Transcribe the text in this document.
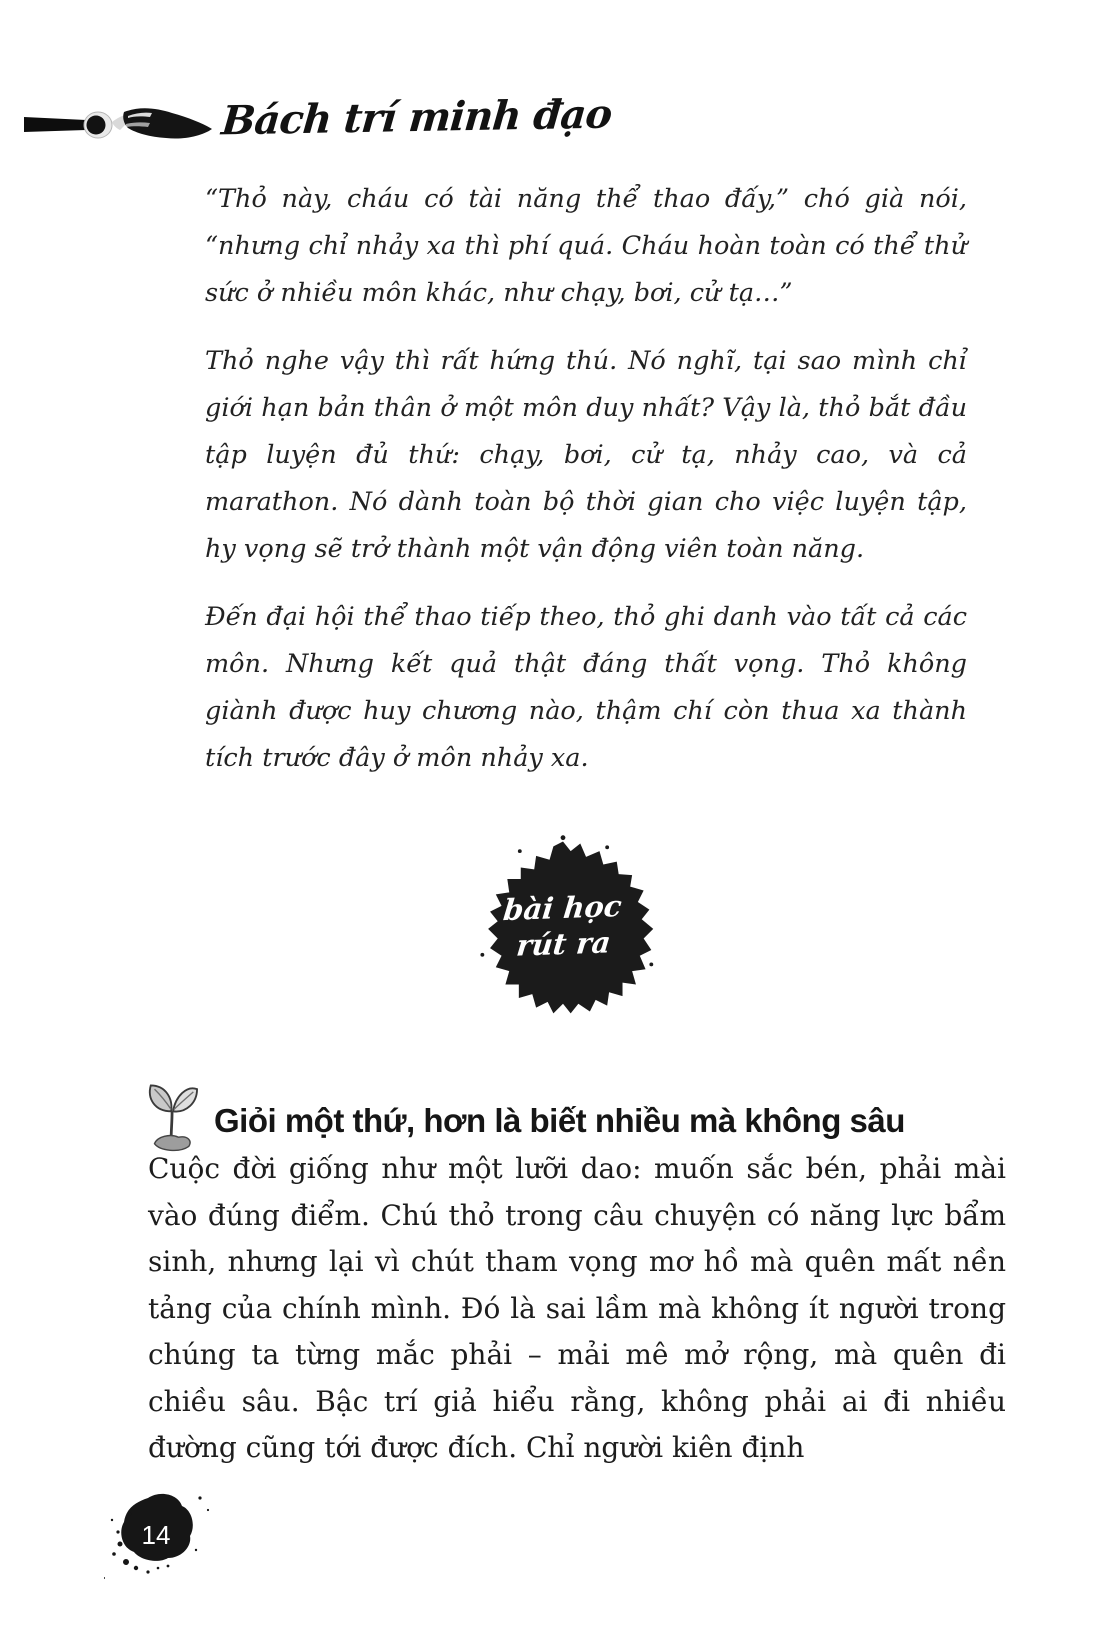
Bách trí minh đạo

“Thỏ này, cháu có tài năng thể thao đấy,” chó già nói, “nhưng chỉ nhảy xa thì phí quá. Cháu hoàn toàn có thể thử sức ở nhiều môn khác, như chạy, bơi, cử tạ…”

Thỏ nghe vậy thì rất hứng thú. Nó nghĩ, tại sao mình chỉ giới hạn bản thân ở một môn duy nhất? Vậy là, thỏ bắt đầu tập luyện đủ thứ: chạy, bơi, cử tạ, nhảy cao, và cả marathon. Nó dành toàn bộ thời gian cho việc luyện tập, hy vọng sẽ trở thành một vận động viên toàn năng.

Đến đại hội thể thao tiếp theo, thỏ ghi danh vào tất cả các môn. Nhưng kết quả thật đáng thất vọng. Thỏ không giành được huy chương nào, thậm chí còn thua xa thành tích trước đây ở môn nhảy xa.

bài học
rút ra
Giỏi một thứ, hơn là biết nhiều mà không sâu

Cuộc đời giống như một lưỡi dao: muốn sắc bén, phải mài vào đúng điểm. Chú thỏ trong câu chuyện có năng lực bẩm sinh, nhưng lại vì chút tham vọng mơ hồ mà quên mất nền tảng của chính mình. Đó là sai lầm mà không ít người trong chúng ta từng mắc phải – mải mê mở rộng, mà quên đi chiều sâu. Bậc trí giả hiểu rằng, không phải ai đi nhiều đường cũng tới được đích. Chỉ người kiên định

14
